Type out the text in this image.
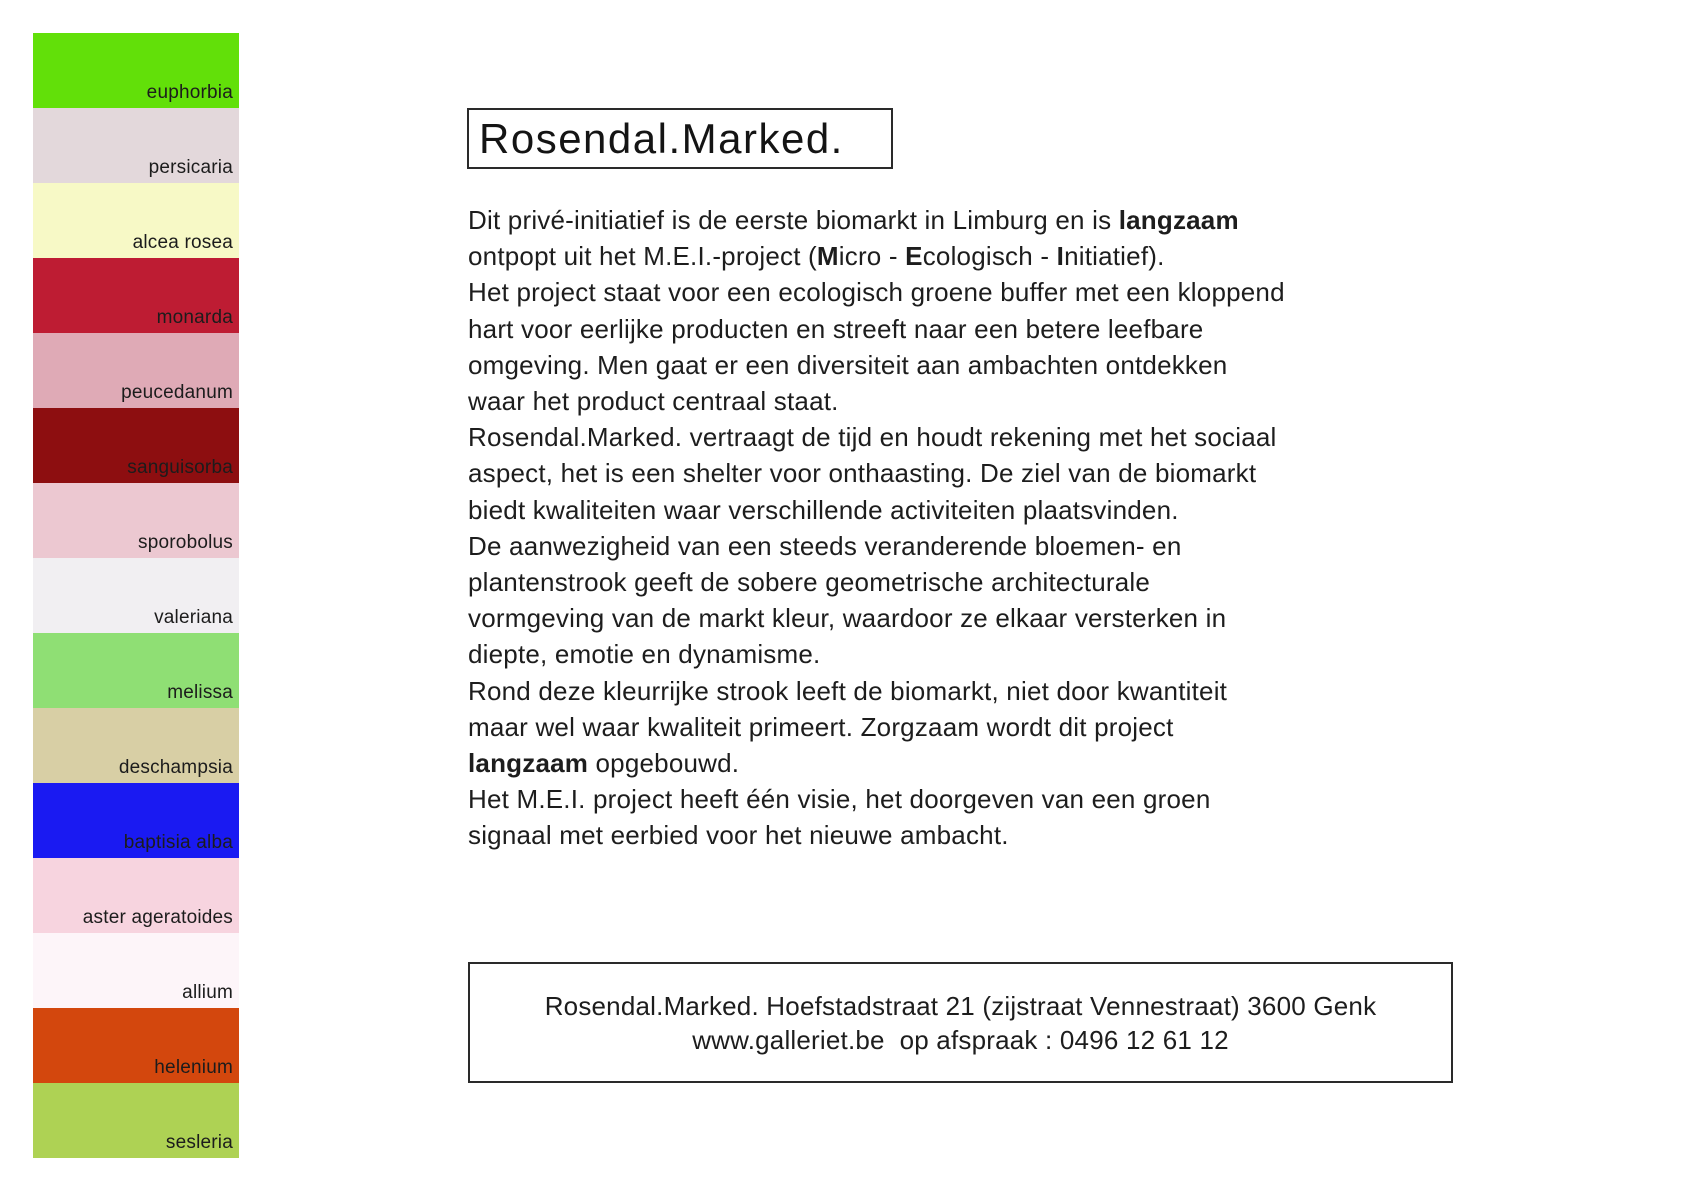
euphorbia
persicaria
alcea rosea
monarda
peucedanum
sanguisorba
sporobolus
valeriana
melissa
deschampsia
baptisia alba
aster ageratoides
allium
helenium
sesleria
Rosendal.Marked.
Dit privé-initiatief is de eerste biomarkt in Limburg en is langzaam
ontpopt uit het M.E.I.-project (Micro - Ecologisch - Initiatief).
Het project staat voor een ecologisch groene buffer met een kloppend
hart voor eerlijke producten en streeft naar een betere leefbare
omgeving. Men gaat er een diversiteit aan ambachten ontdekken
waar het product centraal staat.
Rosendal.Marked. vertraagt de tijd en houdt rekening met het sociaal
aspect, het is een shelter voor onthaasting. De ziel van de biomarkt
biedt kwaliteiten waar verschillende activiteiten plaatsvinden.
De aanwezigheid van een steeds veranderende bloemen- en
plantenstrook geeft de sobere geometrische architecturale
vormgeving van de markt kleur, waardoor ze elkaar versterken in
diepte, emotie en dynamisme.
Rond deze kleurrijke strook leeft de biomarkt, niet door kwantiteit
maar wel waar kwaliteit primeert. Zorgzaam wordt dit project
langzaam opgebouwd.
Het M.E.I. project heeft één visie, het doorgeven van een groen
signaal met eerbied voor het nieuwe ambacht.
Rosendal.Marked. Hoefstadstraat 21 (zijstraat Vennestraat) 3600 Genk
www.galleriet.be  op afspraak : 0496 12 61 12
